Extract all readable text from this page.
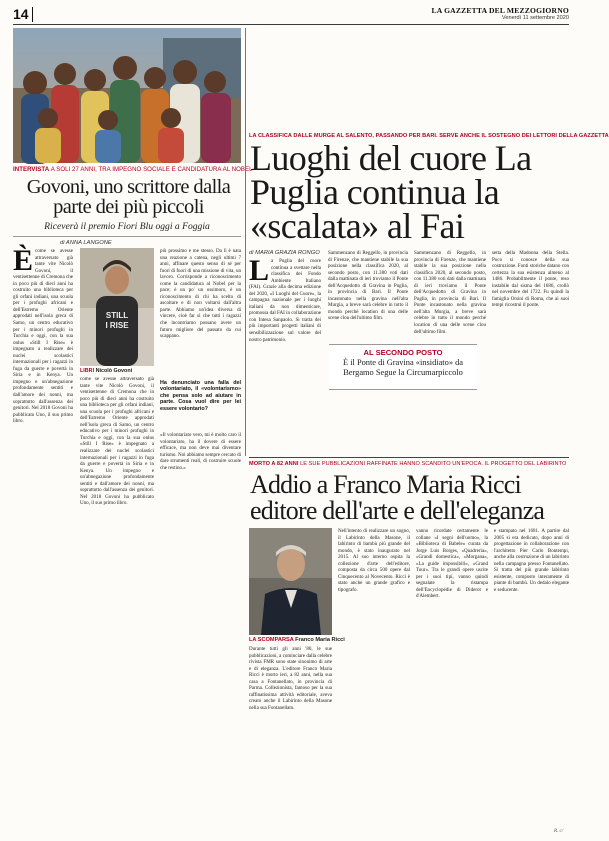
14	LA GAZZETTA DEL MEZZOGIORNO
Venerdì 11 settembre 2020
INTERVISTA A SOLI 27 ANNI, TRA IMPEGNO SOCIALE E CANDIDATURA AL NOBEL
Govoni, uno scrittore dalla parte dei più piccoli
Riceverà il premio Fiori Blu oggi a Foggia
di ANNA LANGONE
È come se avesse attraversato già tante vite Nicolò Govoni, il ventisettenne di Cremona che in poco più di dieci anni ha costruito una biblioteca per gli orfani indiani, una scuola per i profughi africani e dell'Estremo Oriente approdati nell'isola greca di Samo, un centro educativo per i minori profughi in Turchia e oggi, con la sua onlus «Still I Rise» è impegnato a realizzare dei nuclei scolastici internazionali per i ragazzi in fuga da guerre e povertà in Siria e in Kenya. Un impegno e un'abnegazione profondamente sentiti e dall'amore dei nonni, ma soprattutto dall'assenza dei genitori. Nel 2018 Govoni ha pubblicato Uno, il suo primo libro.
STILL
I RISE
LIBRI Nicolò Govoni
come se avesse attraversato già tante vite Nicolò Govoni, il ventisettenne di Cremona che in poco più di dieci anni ha costruito una biblioteca per gli orfani indiani, una scuola per i profughi africani e dell'Estremo Oriente approdati nell'isola greca di Samo, un centro educativo per i minori profughi in Turchia e oggi, con la sua onlus «Still I Rise» è impegnato a realizzare dei nuclei scolastici internazionali per i ragazzi in fuga da guerre e povertà in Siria e in Kenya. Un impegno e un'abnegazione profondamente sentiti e dall'amore dei nonni, ma soprattutto dall'assenza dei genitori. Nel 2018 Govoni ha pubblicato Uno, il suo primo libro.
più prossimo e me stesso. Da lì è nata una reazione a catena, negli ultimi 7 anni, affinare questo senso di sé per fuori di fuori di una missione di vita, un lavoro. Corrisponde a riconoscimento come la candidatura al Nobel per la pace; è un po' un ossimoro, è un riconoscimento di chi ha scelto di ascoltare e di non voltarsi dall'altra parte. Abbiamo un'idea diversa di vincere, cioè far sì che tutti i ragazzi che incontriamo possano avere un futuro migliore del passato da cui scappano.
Ha denunciato una falla del volontariato, il «volontarismo» che pensa solo ad aiutare in parte. Cosa vuol dire per lei essere volontario?
«Il volontariato vero, mi è molto caro il volontariato, ha il dovere di essere efficace, ma non deve mai diventare turismo. Noi abbiamo sempre cercato di dare strumenti reali, di costruire scuole che restino.»
LA CLASSIFICA DALLE MURGE AL SALENTO, PASSANDO PER BARI. SERVE ANCHE IL SOSTEGNO DEI LETTORI DELLA GAZZETTA
Luoghi del cuore La Puglia continua la «scalata» al Fai
di MARIA GRAZIA RONGO
L a Puglia del cuore continua a svettare nella classifica dei Fondo Ambiente Italiano (FAI). Grazie alla decima edizione del 2020, «I Luoghi del Cuore», la campagna nazionale per i luoghi italiani da non dimenticare, promossa dal FAI in collaborazione con Intesa Sanpaolo. Si tratta dei più importanti progetti italiani di sensibilizzazione sul valore del nostro patrimonio.
Sammenzano di Reggello, in provincia di Firenze, che mantiene stabile la sua posizione nella classifica 2020, al secondo posto, con 11.380 voti dati dalla mattinata di ieri troviamo il Ponte dell'Acquedotto di Gravina in Puglia, in provincia di Bari. Il Ponte incastonato nella gravina nell'alta Murgia, a breve sarà celebre in tutto il mondo perché location di una delle scene clou dell'ultimo film.
Sammenzano di Reggello, in provincia di Firenze, che mantiene stabile la sua posizione nella classifica 2020, al secondo posto, con 11.380 voti dati dalla mattinata di ieri troviamo il Ponte dell'Acquedotto di Gravina in Puglia, in provincia di Bari. Il Ponte incastonato nella gravina nell'alta Murgia, a breve sarà celebre in tutto il mondo perché location di una delle scene clou dell'ultimo film.
setta della Madonna della Stella. Poco si conosce della sua costruzione. Fonti storiche datano con certezza la sua esistenza almeno al 1486. Probabilmente il ponte, reso instabile dal sisma del 1686, crollò nel novembre del 1722. Fu quindi la famiglia Orsini di Roma, che ai suoi tempi ricostruì il ponte.
AL SECONDO POSTO
È il Ponte di Gravina «insidiato» da Bergamo Segue la Circumarpiccolo
MORTO A 82 ANNI LE SUE PUBBLICAZIONI RAFFINATE HANNO SCANDITO UN'EPOCA. IL PROGETTO DEL LABIRINTO
Addio a Franco Maria Ricci editore dell'arte e dell'eleganza
LA SCOMPARSA Franco Maria Ricci
Durante tutti gli anni '80, le sue pubblicazioni, a cominciare dalla celebre rivista FMR sono state sinonimo di arte e di eleganza. L'editore Franco Maria Ricci è morto ieri, a 82 anni, nella sua casa a Fontanellato, in provincia di Parma. Collezionista, famoso per la sua raffinatissima attività editoriale, aveva creato anche il Labirinto della Masone nella sua Fontanellato.
Nell'intento di realizzare un sogno, il Labirinto della Masone, il labirinto di bambù più grande del mondo, è stato inaugurato nel 2015. Al suo interno ospita la collezione d'arte dell'editore, composta da circa 500 opere dal Cinquecento al Novecento. Ricci è stato anche un grande grafico e tipografo.
vanno ricordate certamente le collane «I segni dell'uomo», la «Biblioteca di Babele» curata da Jorge Luis Borges, «Quadreria», «Grandi domestica», «Morgana», «La guide impossibili», «Grand Tour». Tra le grandi opere uscite per i suoi tipi, vanno quindi segnalate la ristampa dell'Encyclopédie di Diderot e d'Alembert.
e stampato nel 1681. A partire dal 2005 si era dedicato, dopo anni di progettazione in collaborazione con l'architetto Pier Carlo Bontempi, anche alla costruzione di un labirinto nella campagna presso Fontanellato. Si tratta del più grande labirinto esistente, composto interamente di piante di bambù. Un dedalo elegante e seducente.
R. c/
